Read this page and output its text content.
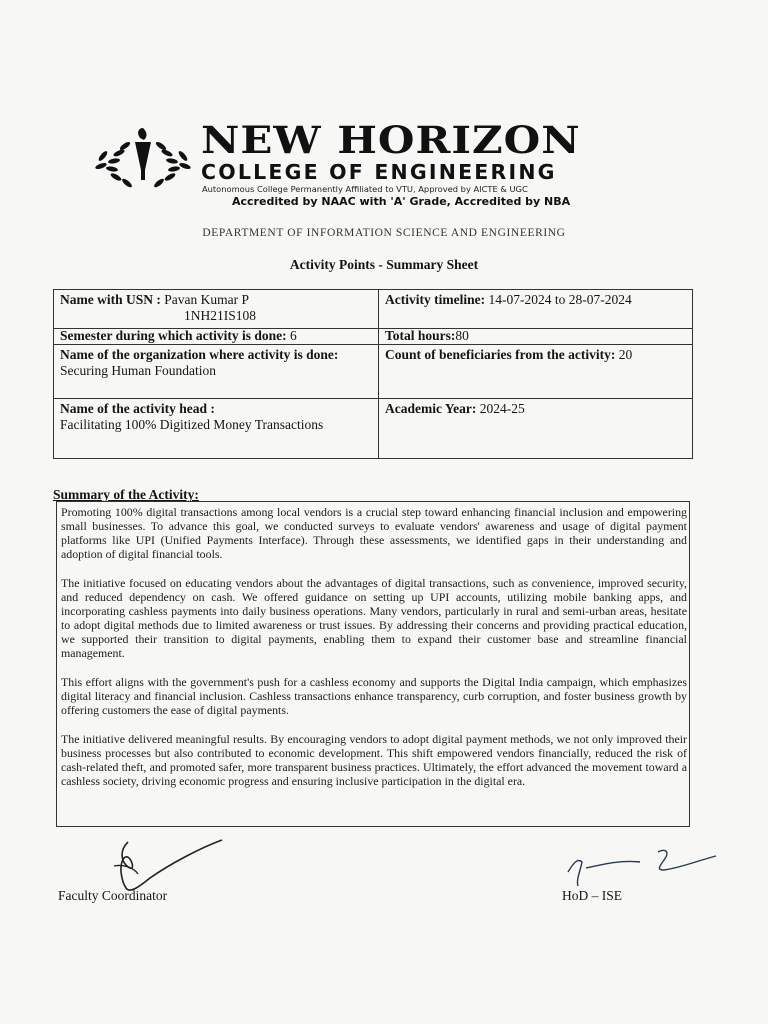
NEW HORIZON
COLLEGE OF ENGINEERING
Autonomous College Permanently Affiliated to VTU, Approved by AICTE & UGC
Accredited by NAAC with 'A' Grade, Accredited by NBA
DEPARTMENT OF INFORMATION SCIENCE AND ENGINEERING
Activity Points - Summary Sheet
Name with USN : Pavan Kumar P
1NH21IS108
Activity timeline: 14-07-2024 to 28-07-2024
Semester during which activity is done: 6	Total hours:80
Name of the organization where activity is done: Securing Human Foundation
Count of beneficiaries from the activity: 20
Name of the activity head :
Facilitating 100% Digitized Money Transactions
Academic Year: 2024-25
Summary of the Activity:

Promoting 100% digital transactions among local vendors is a crucial step toward enhancing financial inclusion and empowering small businesses. To advance this goal, we conducted surveys to evaluate vendors' awareness and usage of digital payment platforms like UPI (Unified Payments Interface). Through these assessments, we identified gaps in their understanding and adoption of digital financial tools.

The initiative focused on educating vendors about the advantages of digital transactions, such as convenience, improved security, and reduced dependency on cash. We offered guidance on setting up UPI accounts, utilizing mobile banking apps, and incorporating cashless payments into daily business operations. Many vendors, particularly in rural and semi-urban areas, hesitate to adopt digital methods due to limited awareness or trust issues. By addressing their concerns and providing practical education, we supported their transition to digital payments, enabling them to expand their customer base and streamline financial management.

This effort aligns with the government's push for a cashless economy and supports the Digital India campaign, which emphasizes digital literacy and financial inclusion. Cashless transactions enhance transparency, curb corruption, and foster business growth by offering customers the ease of digital payments.

The initiative delivered meaningful results. By encouraging vendors to adopt digital payment methods, we not only improved their business processes but also contributed to economic development. This shift empowered vendors financially, reduced the risk of cash-related theft, and promoted safer, more transparent business practices. Ultimately, the effort advanced the movement toward a cashless society, driving economic progress and ensuring inclusive participation in the digital era.

Faculty Coordinator	HoD – ISE
